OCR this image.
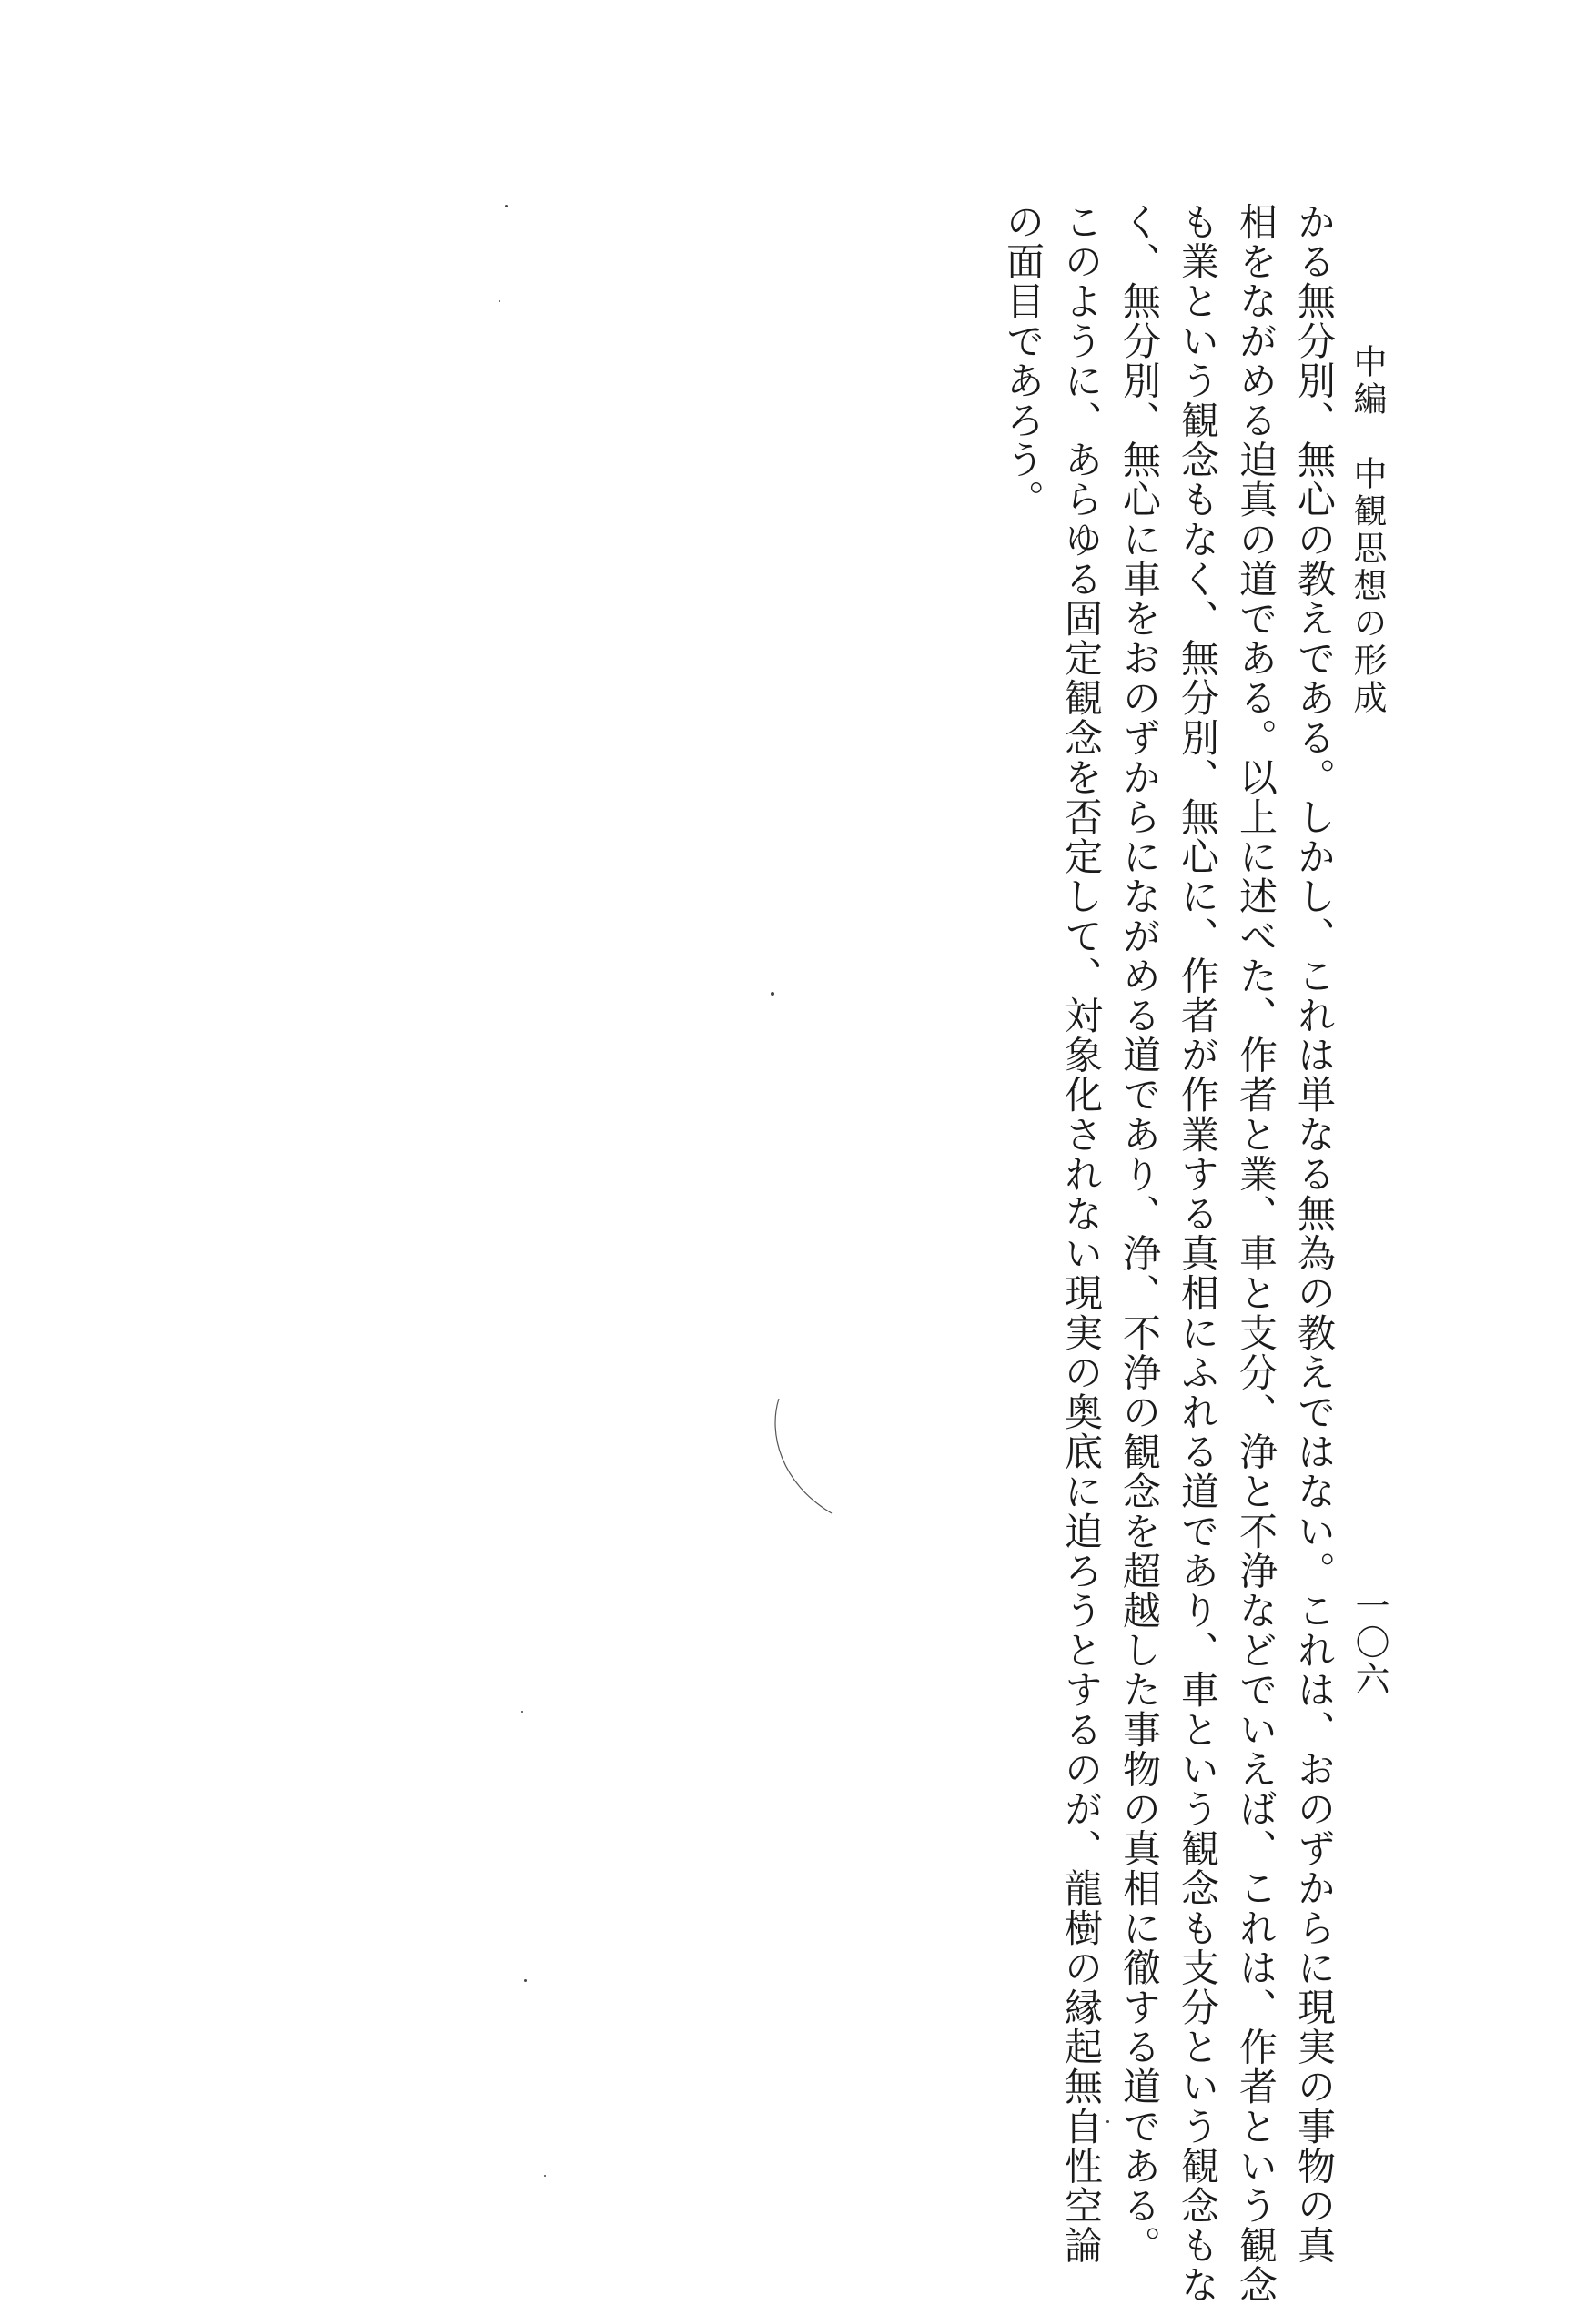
中編　中観思想の形成
一〇六
かる無分別、無心の教えである。しかし、これは単なる無為の教えではない。これは、おのずからに現実の事物の真
相をながめる迫真の道である。以上に述べた、作者と業、車と支分、浄と不浄などでいえば、これは、作者という観念
も業という観念もなく、無分別、無心に、作者が作業する真相にふれる道であり、車という観念も支分という観念もな
く、無分別、無心に車をおのずからにながめる道であり、浄、不浄の観念を超越した事物の真相に徹する道である。
このように、あらゆる固定観念を否定して、対象化されない現実の奥底に迫ろうとするのが、龍樹の縁起無自性空論
の面目であろう。
